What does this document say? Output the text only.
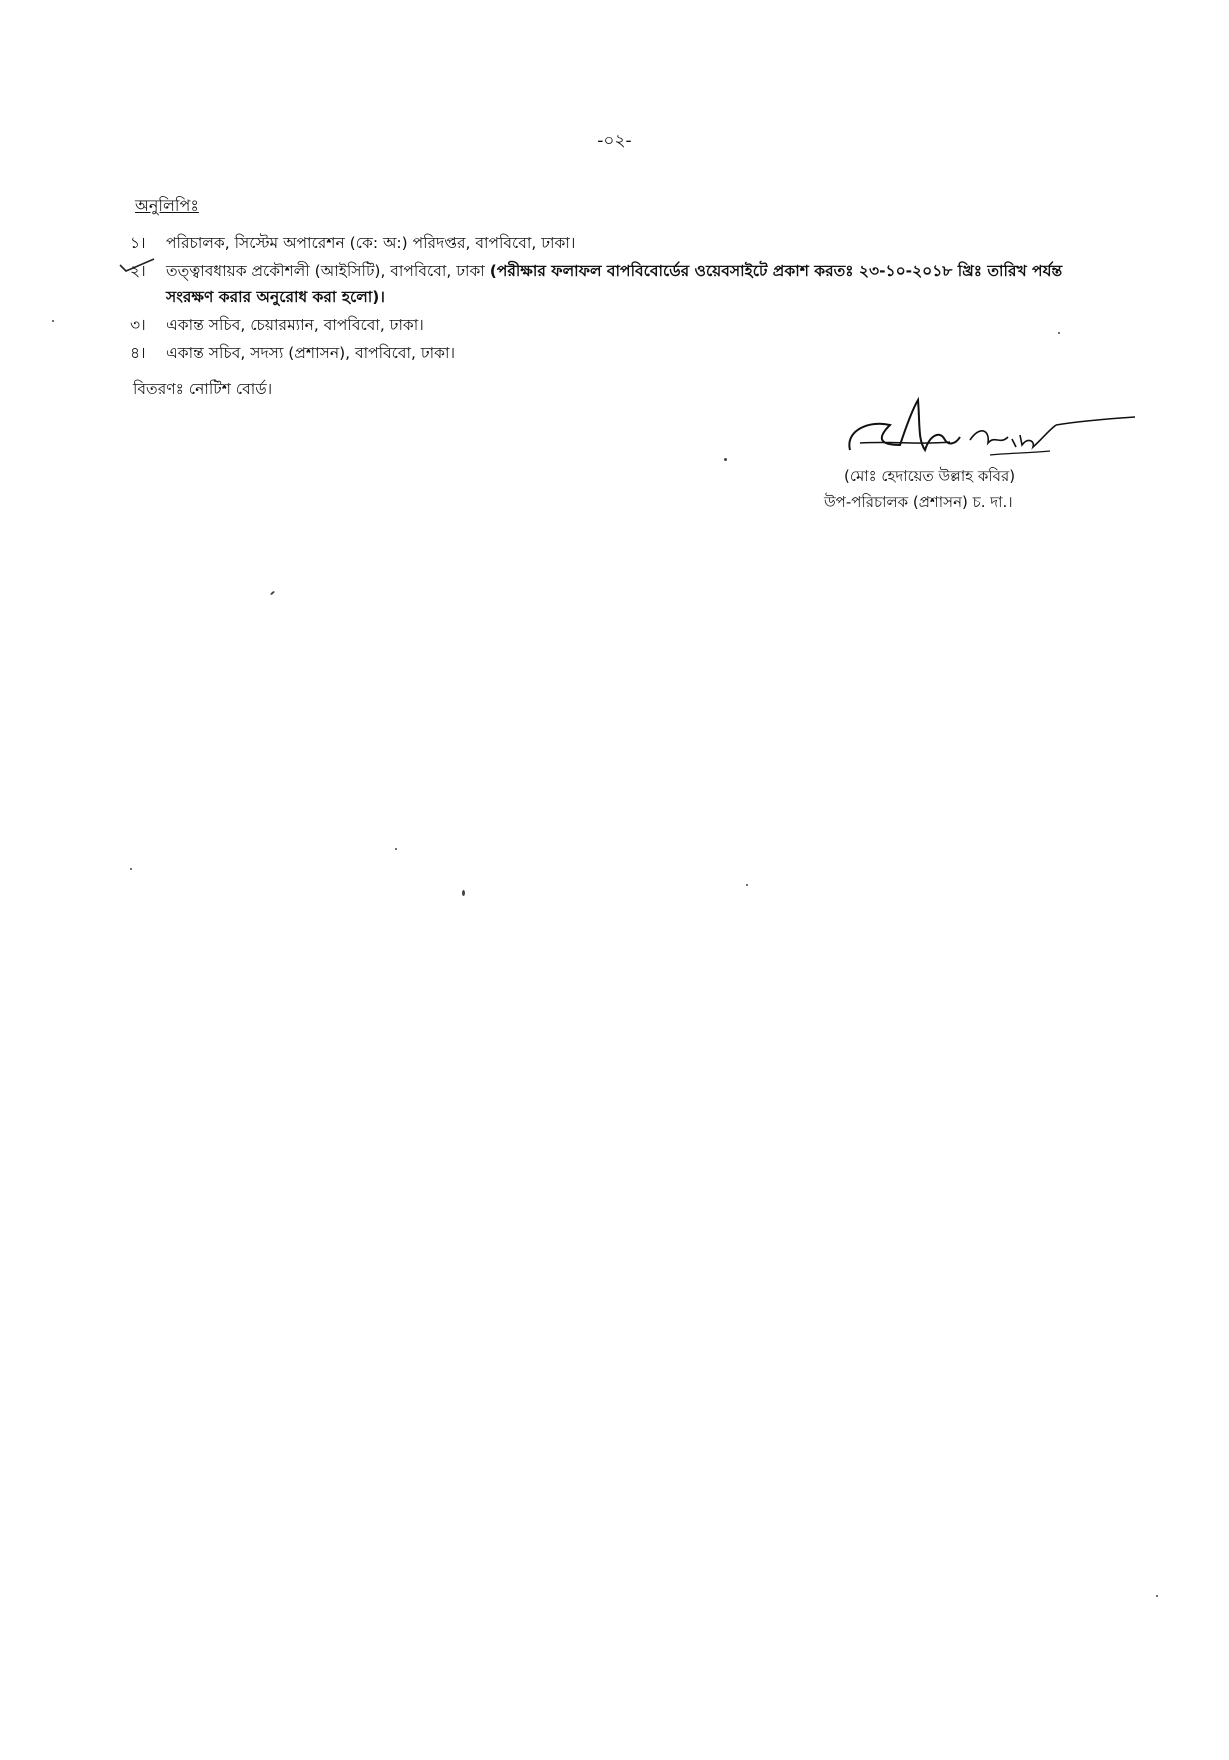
-০২-
অনুলিপিঃ
১।	পরিচালক, সিস্টেম অপারেশন (কে: অ:) পরিদপ্তর, বাপবিবো, ঢাকা।
২।	তত্ত্বাবধায়ক প্রকৌশলী (আইসিটি), বাপবিবো, ঢাকা (পরীক্ষার ফলাফল বাপবিবোর্ডের ওয়েবসাইটে প্রকাশ করতঃ ২৩-১০-২০১৮ খ্রিঃ তারিখ পর্যন্ত সংরক্ষণ করার অনুরোধ করা হলো)।
৩।	একান্ত সচিব, চেয়ারম্যান, বাপবিবো, ঢাকা।
৪।	একান্ত সচিব, সদস্য (প্রশাসন), বাপবিবো, ঢাকা।
বিতরণঃ নোটিশ বোর্ড।
(মোঃ হেদায়েত উল্লাহ কবির)
উপ-পরিচালক (প্রশাসন) চ. দা.।
